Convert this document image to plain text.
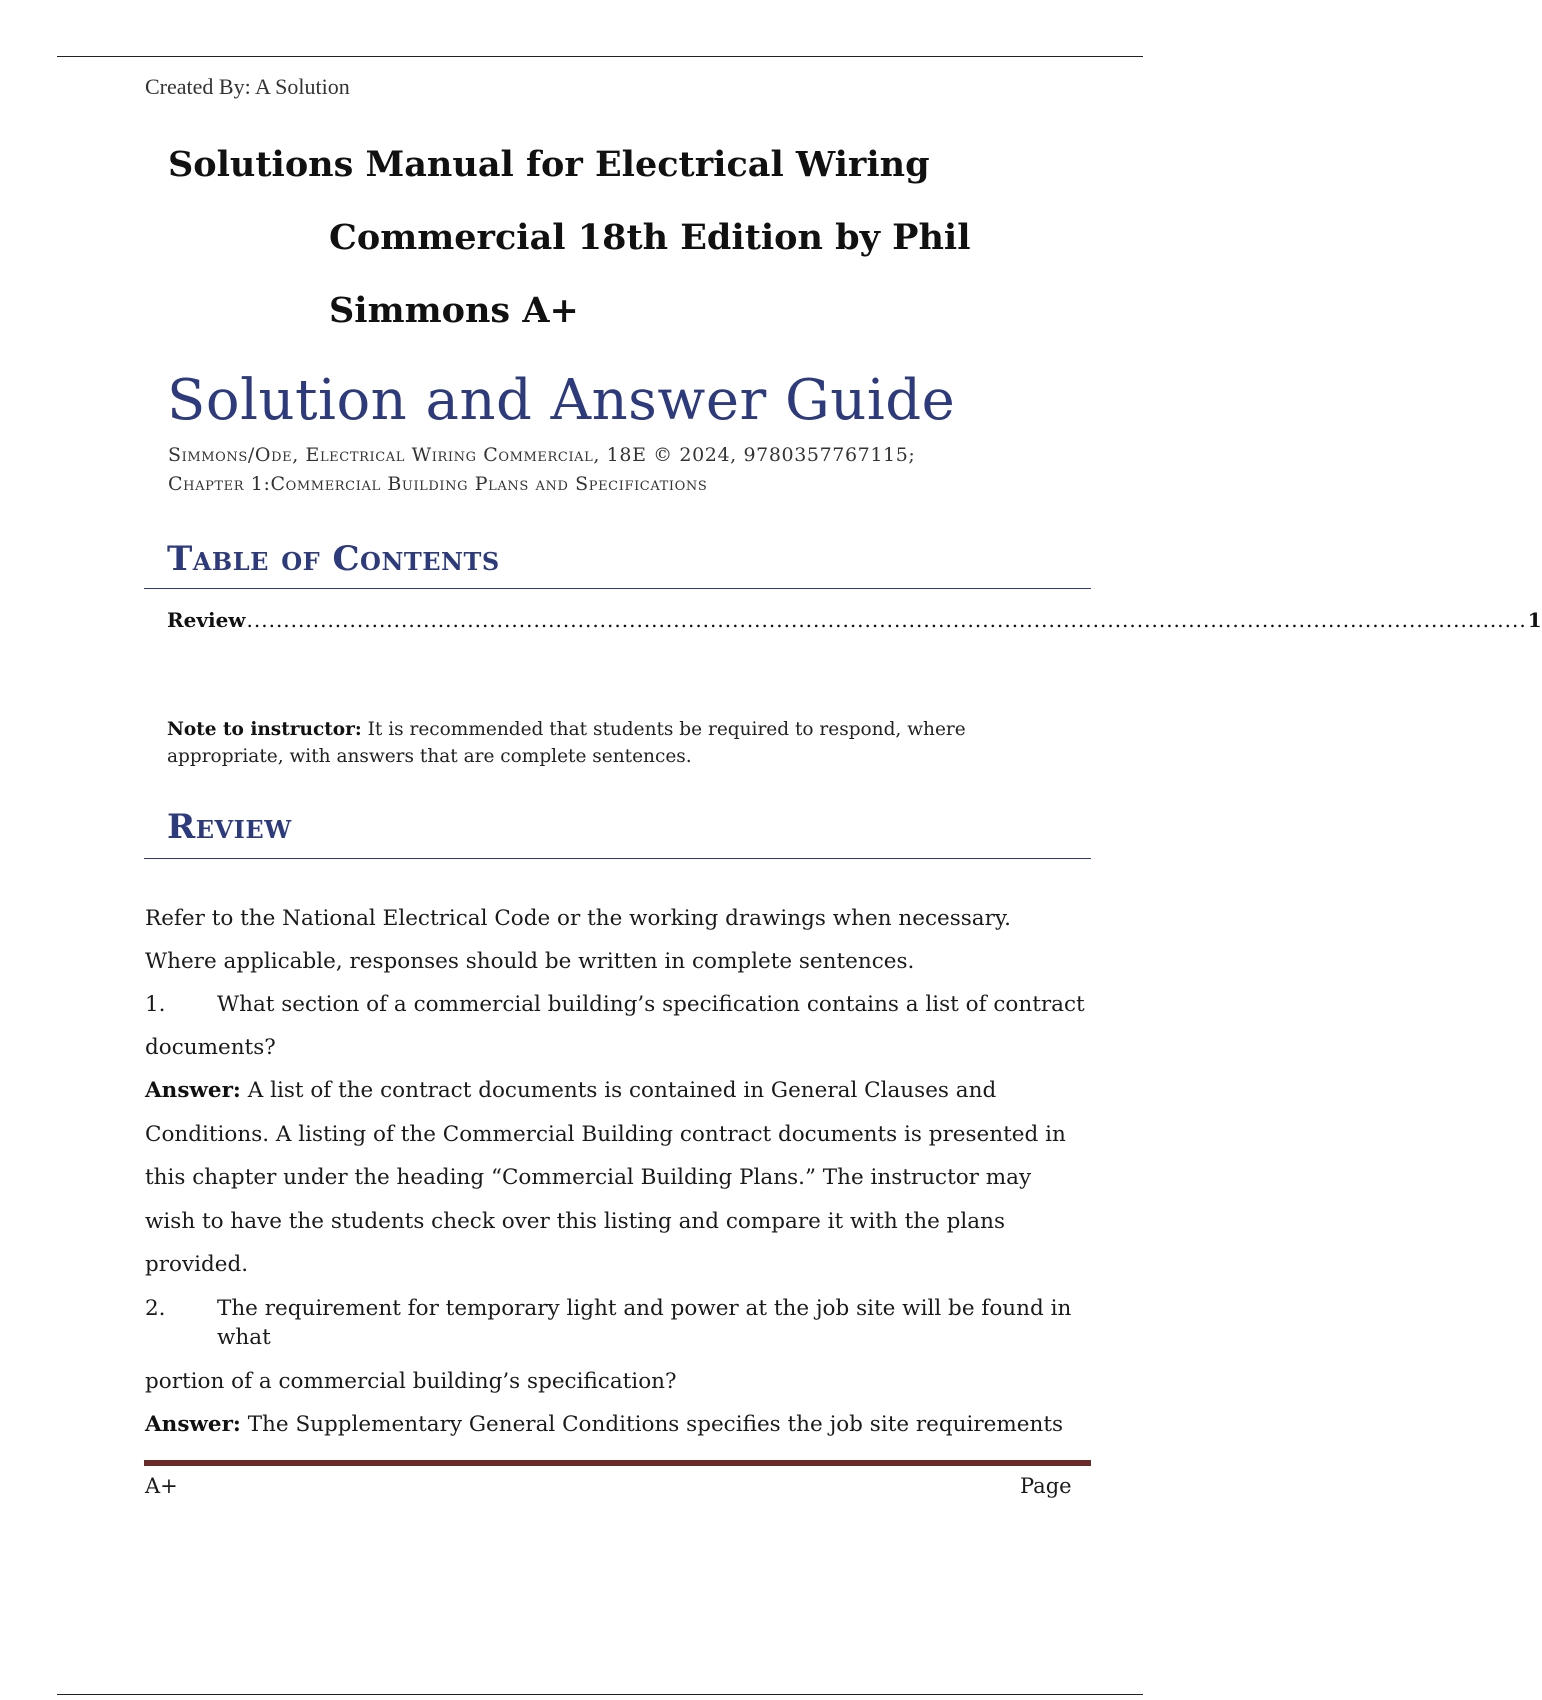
Created By: A Solution
Solutions Manual for Electrical Wiring
Commercial 18th Edition by Phil
Simmons A+
Solution and Answer Guide
Simmons/Ode, Electrical Wiring Commercial, 18E © 2024, 9780357767115;
Chapter 1:Commercial Building Plans and Specifications
Table of Contents
Review .............................................................................................................................................................................. 1
Note to instructor: It is recommended that students be required to respond, where appropriate, with answers that are complete sentences.
Review
Refer to the National Electrical Code or the working drawings when necessary.
Where applicable, responses should be written in complete sentences.
1. What section of a commercial building’s specification contains a list of contract
documents?
Answer: A list of the contract documents is contained in General Clauses and
Conditions. A listing of the Commercial Building contract documents is presented in
this chapter under the heading “Commercial Building Plans.” The instructor may
wish to have the students check over this listing and compare it with the plans
provided.
2. The requirement for temporary light and power at the job site will be found in
what
portion of a commercial building’s specification?
Answer: The Supplementary General Conditions specifies the job site requirements
A+	Page
